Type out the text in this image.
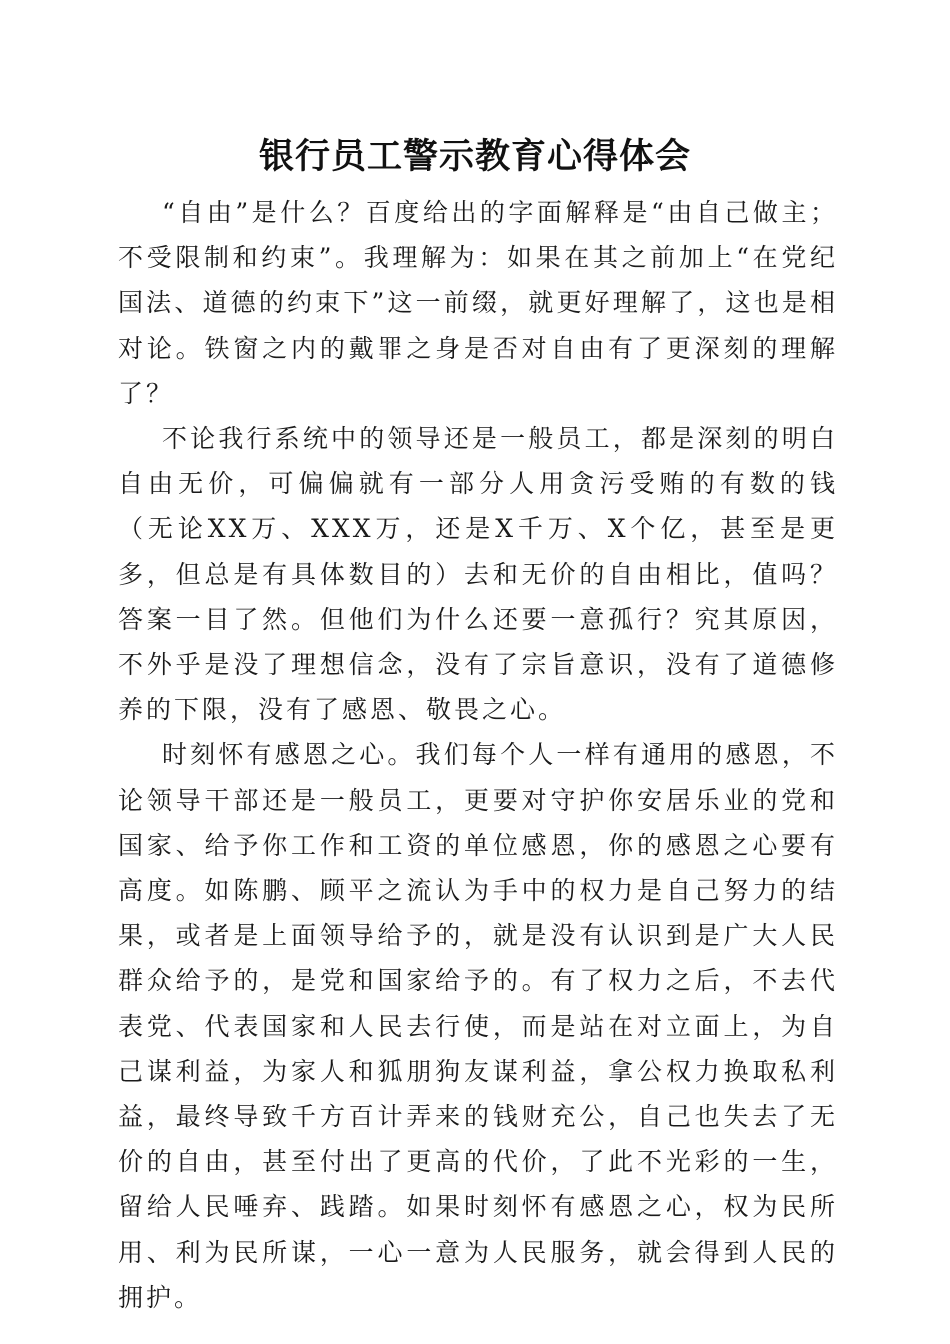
银行员工警示教育心得体会

“自由”是什么？百度给出的字面解释是“由自己做主；不受限制和约束”。我理解为：如果在其之前加上“在党纪国法、道德的约束下”这一前缀，就更好理解了，这也是相对论。铁窗之内的戴罪之身是否对自由有了更深刻的理解了？

不论我行系统中的领导还是一般员工，都是深刻的明白自由无价，可偏偏就有一部分人用贪污受贿的有数的钱（无论XX万、XXX万，还是X千万、X个亿，甚至是更多，但总是有具体数目的）去和无价的自由相比，值吗？答案一目了然。但他们为什么还要一意孤行？究其原因，不外乎是没了理想信念，没有了宗旨意识，没有了道德修养的下限，没有了感恩、敬畏之心。

时刻怀有感恩之心。我们每个人一样有通用的感恩，不论领导干部还是一般员工，更要对守护你安居乐业的党和国家、给予你工作和工资的单位感恩，你的感恩之心要有高度。如陈鹏、顾平之流认为手中的权力是自己努力的结果，或者是上面领导给予的，就是没有认识到是广大人民群众给予的，是党和国家给予的。有了权力之后，不去代表党、代表国家和人民去行使，而是站在对立面上，为自己谋利益，为家人和狐朋狗友谋利益，拿公权力换取私利益，最终导致千方百计弄来的钱财充公，自己也失去了无价的自由，甚至付出了更高的代价，了此不光彩的一生，留给人民唾弃、践踏。如果时刻怀有感恩之心，权为民所用、利为民所谋，一心一意为人民服务，就会得到人民的拥护。
